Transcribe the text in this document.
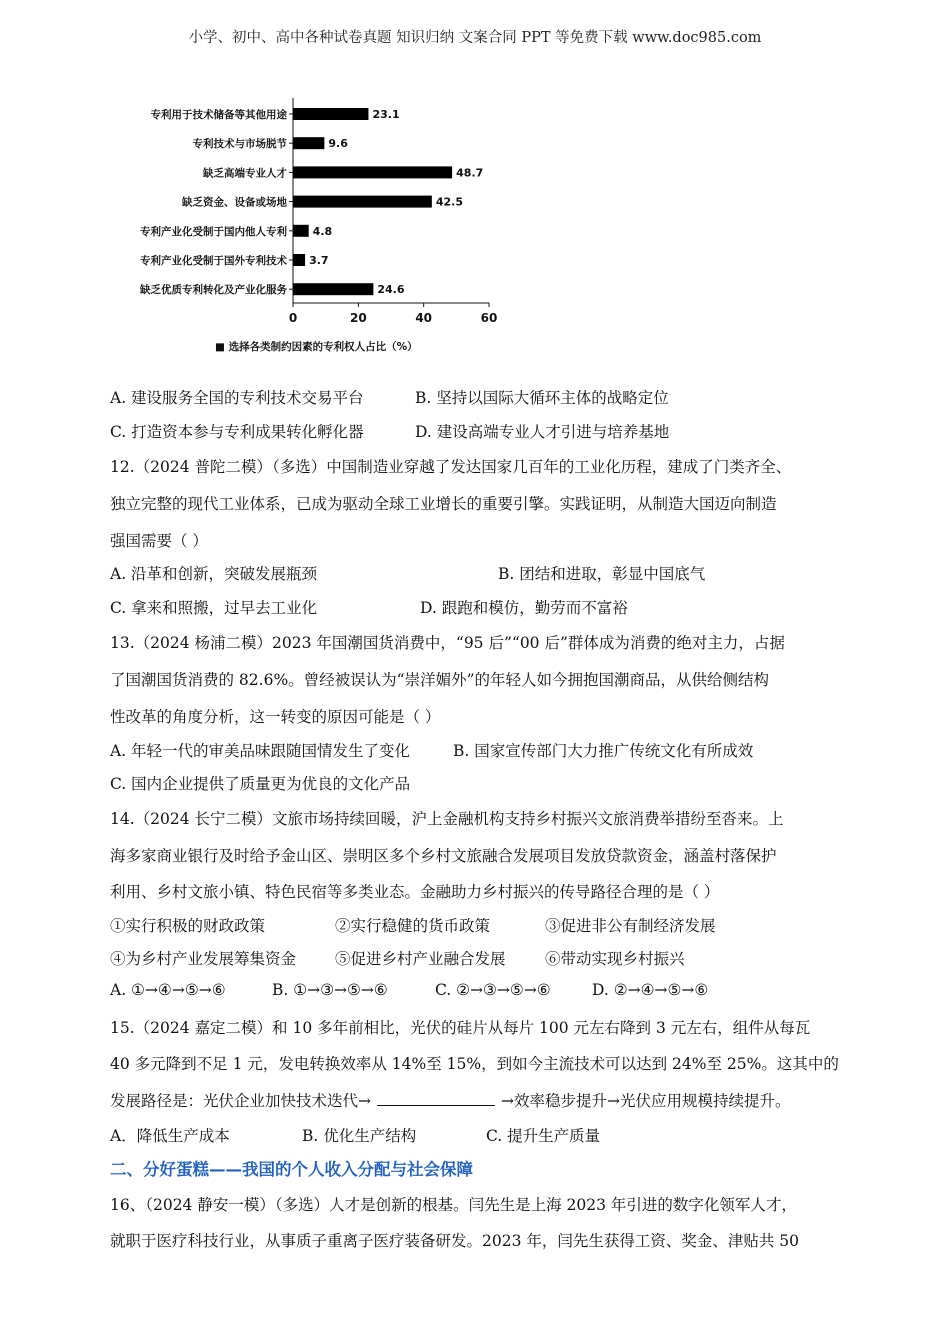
小学、初中、高中各种试卷真题 知识归纳 文案合同 PPT 等免费下载 www.doc985.com
专利用于技术储备等其他用途	23.1
专利技术与市场脱节	9.6
缺乏高端专业人才	48.7
缺乏资金、设备或场地	42.5
专利产业化受制于国内他人专利 4.8
专利产业化受制于国外专利技术 3.7
缺乏优质专利转化及产业化服务	24.6
0	20	40	60
■ 选择各类制约因素的专利权人占比（%）
A. 建设服务全国的专利技术交易平台	B. 坚持以国际大循环主体的战略定位
C. 打造资本参与专利成果转化孵化器	D. 建设高端专业人才引进与培养基地
12.（2024 普陀二模）（多选）中国制造业穿越了发达国家几百年的工业化历程，建成了门类齐全、
独立完整的现代工业体系，已成为驱动全球工业增长的重要引擎。实践证明，从制造大国迈向制造
强国需要（ ）
A. 沿革和创新，突破发展瓶颈	B. 团结和进取，彰显中国底气
C. 拿来和照搬，过早去工业化	D. 跟跑和模仿，勤劳而不富裕
13.（2024 杨浦二模）2023 年国潮国货消费中，“95 后”“00 后”群体成为消费的绝对主力，占据
了国潮国货消费的 82.6%。曾经被误认为“崇洋媚外”的年轻人如今拥抱国潮商品，从供给侧结构
性改革的角度分析，这一转变的原因可能是（ ）
A. 年轻一代的审美品味跟随国情发生了变化	B. 国家宣传部门大力推广传统文化有所成效
C. 国内企业提供了质量更为优良的文化产品
14.（2024 长宁二模）文旅市场持续回暖，沪上金融机构支持乡村振兴文旅消费举措纷至沓来。上
海多家商业银行及时给予金山区、崇明区多个乡村文旅融合发展项目发放贷款资金，涵盖村落保护
利用、乡村文旅小镇、特色民宿等多类业态。金融助力乡村振兴的传导路径合理的是（ ）
①实行积极的财政政策	②实行稳健的货币政策	③促进非公有制经济发展
④为乡村产业发展筹集资金	⑤促进乡村产业融合发展	⑥带动实现乡村振兴
A. ①→④→⑤→⑥	B. ①→③→⑤→⑥	C. ②→③→⑤→⑥	D. ②→④→⑤→⑥
15.（2024 嘉定二模）和 10 多年前相比，光伏的硅片从每片 100 元左右降到 3 元左右，组件从每瓦
40 多元降到不足 1 元，发电转换效率从 14%至 15%，到如今主流技术可以达到 24%至 25%。这其中的
发展路径是：光伏企业加快技术迭代→	→效率稳步提升→光伏应用规模持续提升。
A．降低生产成本	B. 优化生产结构	C. 提升生产质量
二、分好蛋糕——我国的个人收入分配与社会保障
16、（2024 静安一模）（多选）人才是创新的根基。闫先生是上海 2023 年引进的数字化领军人才，
就职于医疗科技行业，从事质子重离子医疗装备研发。2023 年，闫先生获得工资、奖金、津贴共 50
